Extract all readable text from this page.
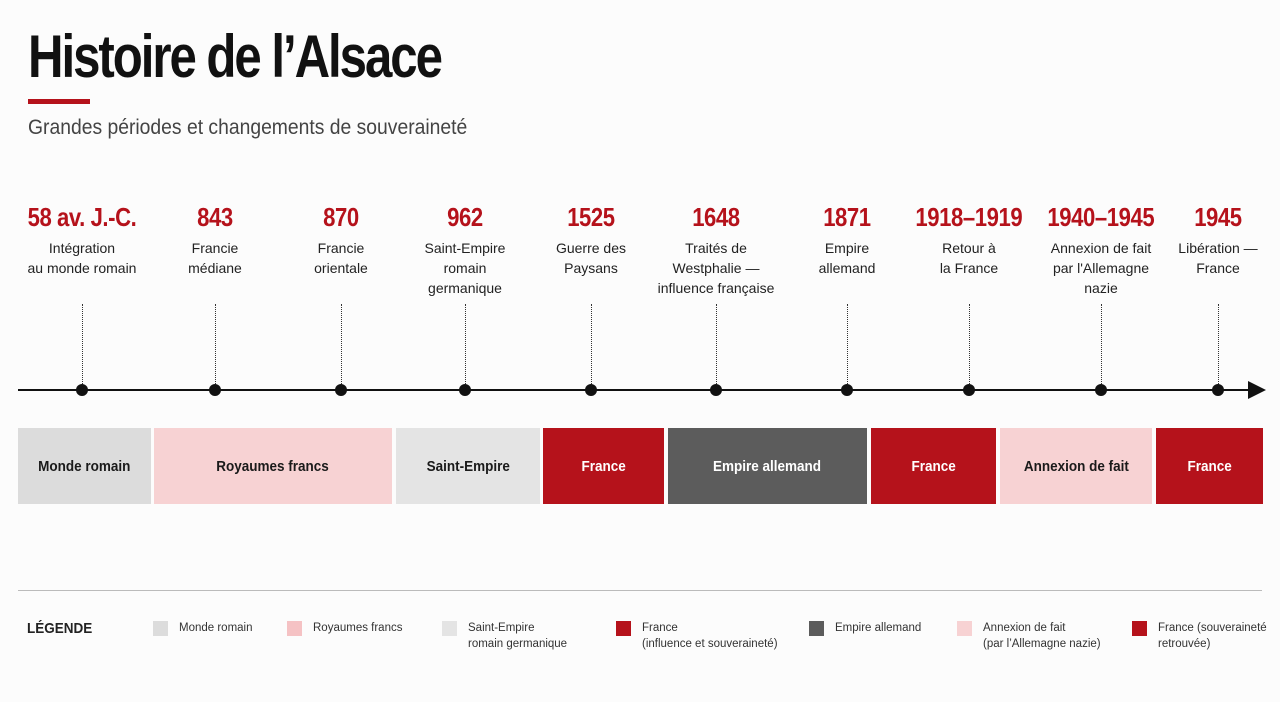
Histoire de l’Alsace
Grandes périodes et changements de souveraineté
58 av. J.-C.
Intégration
au monde romain
843
Francie
médiane
870
Francie
orientale
962
Saint-Empire
romain
germanique
1525
Guerre des
Paysans
1648
Traités de
Westphalie —
influence française
1871
Empire
allemand
1918–1919
Retour à
la France
1940–1945
Annexion de fait
par l'Allemagne
nazie
1945
Libération —
France
Monde romain	Royaumes francs	Saint-Empire	France	Empire allemand	France	Annexion de fait	France
LÉGENDE	Monde romain	Royaumes francs	Saint-Empire
romain germanique
France
(influence et souveraineté)
Empire allemand	Annexion de fait
(par l’Allemagne nazie)
France (souveraineté
retrouvée)
